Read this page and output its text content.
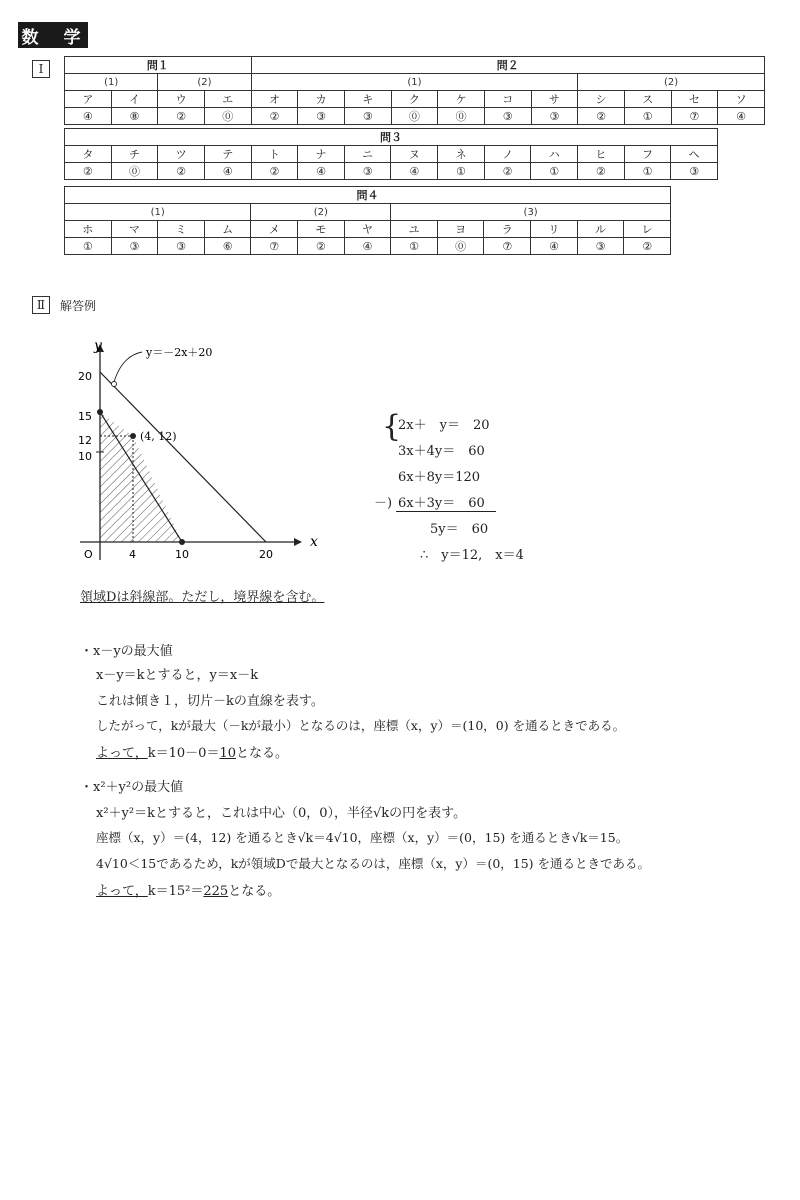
数　学
Ⅰ	問１				問２										
(1)		(2)		(1)							(2)			
ア	イ	ウ	エ	オ	カ	キ	ク	ケ	コ	サ	シ	ス	セ	ソ
④	⑧	②	⓪	②	③	③	⓪	⓪	③	③	②	①	⑦	④
問３													
タ	チ	ツ	テ	ト	ナ	ニ	ヌ	ネ	ノ	ハ	ヒ	フ	ヘ
②	⓪	②	④	②	④	③	④	①	②	①	②	①	③
問４												
(1)				(2)			(3)					
ホ	マ	ミ	ム	メ	モ	ヤ	ユ	ヨ	ラ	リ	ル	レ
①	③	③	⑥	⑦	②	④	①	⓪	⑦	④	③	②
Ⅱ	解答例
y
x
O
y＝－2x＋20
(4, 12)
20
15
12
10
4	10	20
{
2x＋　y＝　20
3x＋4y＝　60
6x＋8y＝120
－) 6x＋3y＝　60
5y＝　60
∴　y＝12,　x＝4
領域Dは斜線部。ただし，境界線を含む。
・x－yの最大値
x－y＝kとすると，y＝x－k
これは傾き１，切片－kの直線を表す。
したがって，kが最大（－kが最小）となるのは，座標（x，y）＝(10，0) を通るときである。
よって，k＝10－0＝10となる。
・x²＋y²の最大値
x²＋y²＝kとすると，これは中心（0，0），半径√kの円を表す。
座標（x，y）＝(4，12) を通るとき√k＝4√10，座標（x，y）＝(0，15) を通るとき√k＝15。
4√10＜15であるため，kが領域Dで最大となるのは，座標（x，y）＝(0，15) を通るときである。
よって，k＝15²＝225となる。
